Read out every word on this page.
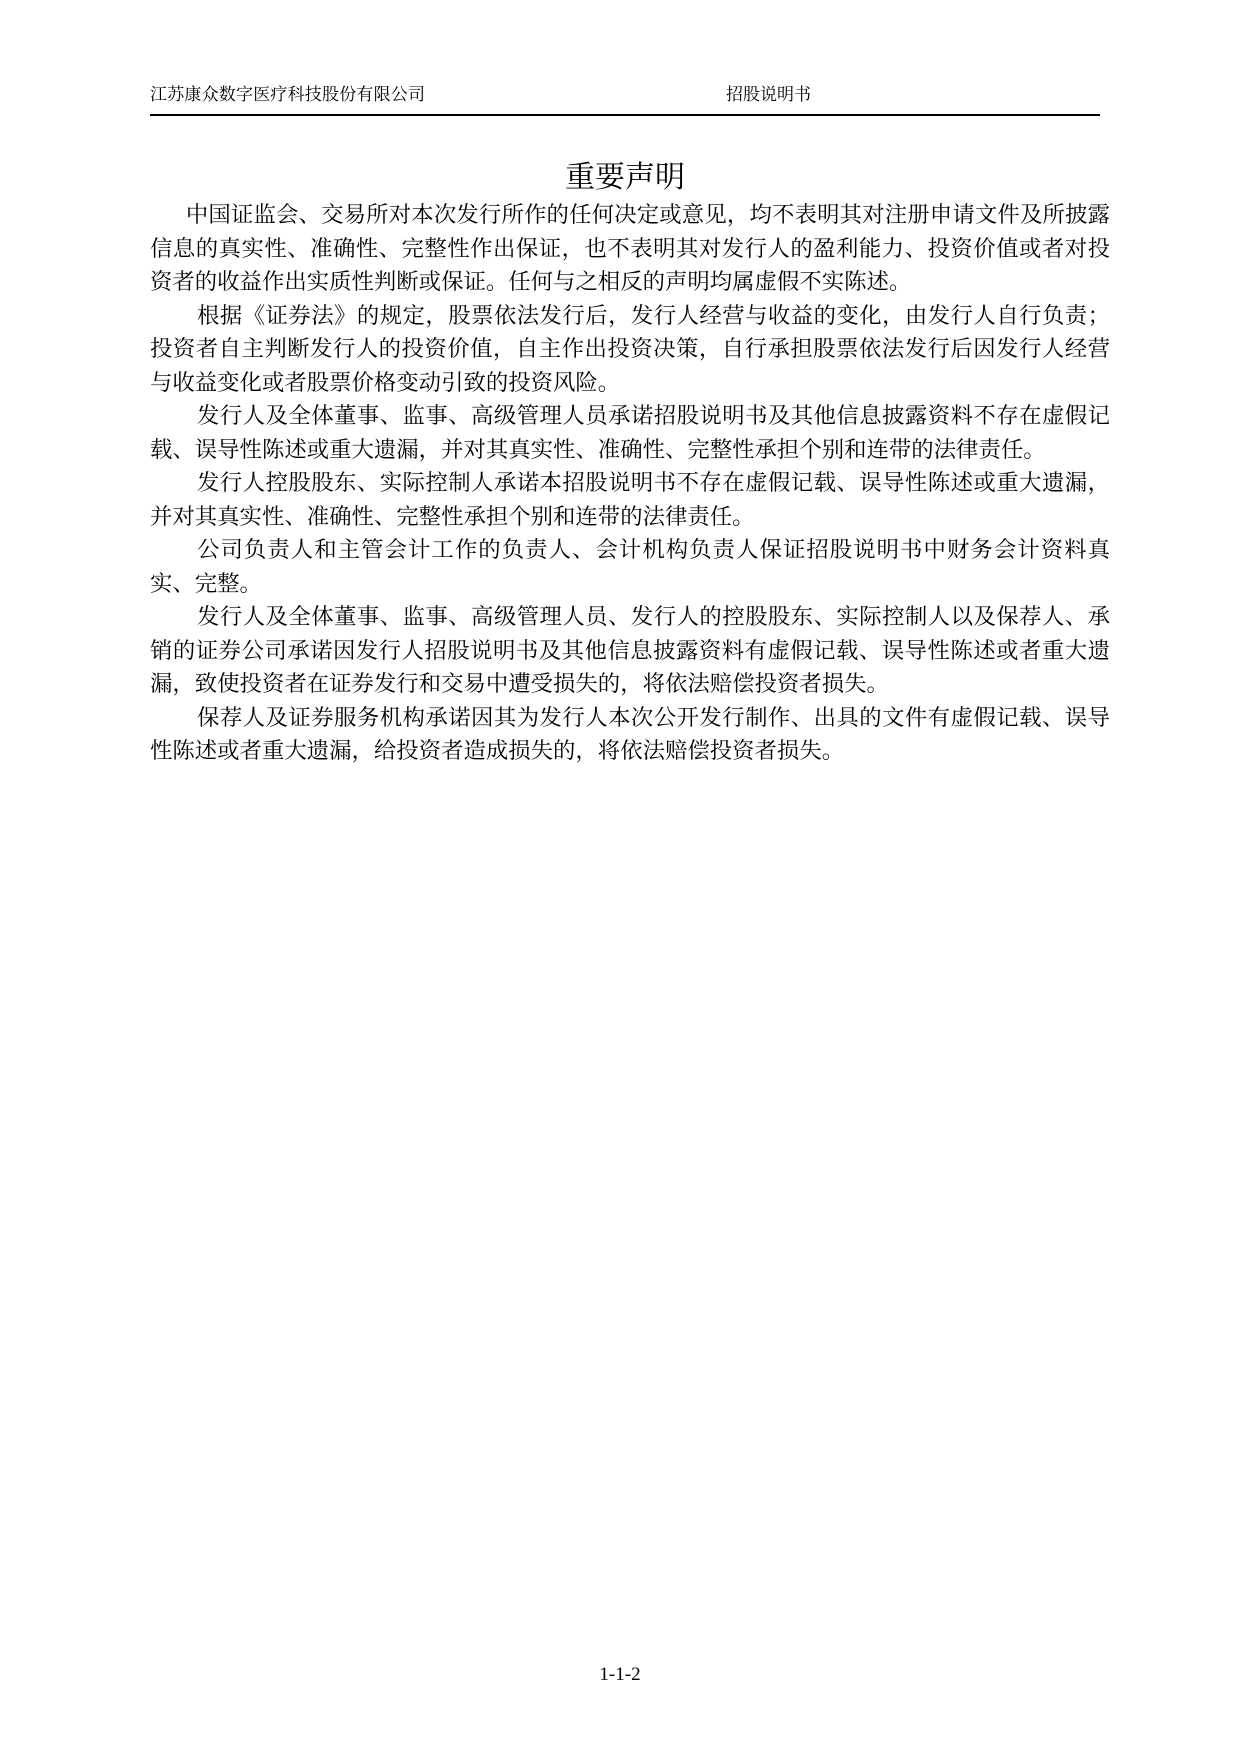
江苏康众数字医疗科技股份有限公司	招股说明书
重要声明

中国证监会、交易所对本次发行所作的任何决定或意见，均不表明其对注册申请文件及所披露信息的真实性、准确性、完整性作出保证，也不表明其对发行人的盈利能力、投资价值或者对投资者的收益作出实质性判断或保证。任何与之相反的声明均属虚假不实陈述。

根据《证券法》的规定，股票依法发行后，发行人经营与收益的变化，由发行人自行负责；投资者自主判断发行人的投资价值，自主作出投资决策，自行承担股票依法发行后因发行人经营与收益变化或者股票价格变动引致的投资风险。

发行人及全体董事、监事、高级管理人员承诺招股说明书及其他信息披露资料不存在虚假记载、误导性陈述或重大遗漏，并对其真实性、准确性、完整性承担个别和连带的法律责任。

发行人控股股东、实际控制人承诺本招股说明书不存在虚假记载、误导性陈述或重大遗漏，并对其真实性、准确性、完整性承担个别和连带的法律责任。

公司负责人和主管会计工作的负责人、会计机构负责人保证招股说明书中财务会计资料真实、完整。

发行人及全体董事、监事、高级管理人员、发行人的控股股东、实际控制人以及保荐人、承销的证券公司承诺因发行人招股说明书及其他信息披露资料有虚假记载、误导性陈述或者重大遗漏，致使投资者在证券发行和交易中遭受损失的，将依法赔偿投资者损失。

保荐人及证券服务机构承诺因其为发行人本次公开发行制作、出具的文件有虚假记载、误导性陈述或者重大遗漏，给投资者造成损失的，将依法赔偿投资者损失。

1-1-2
